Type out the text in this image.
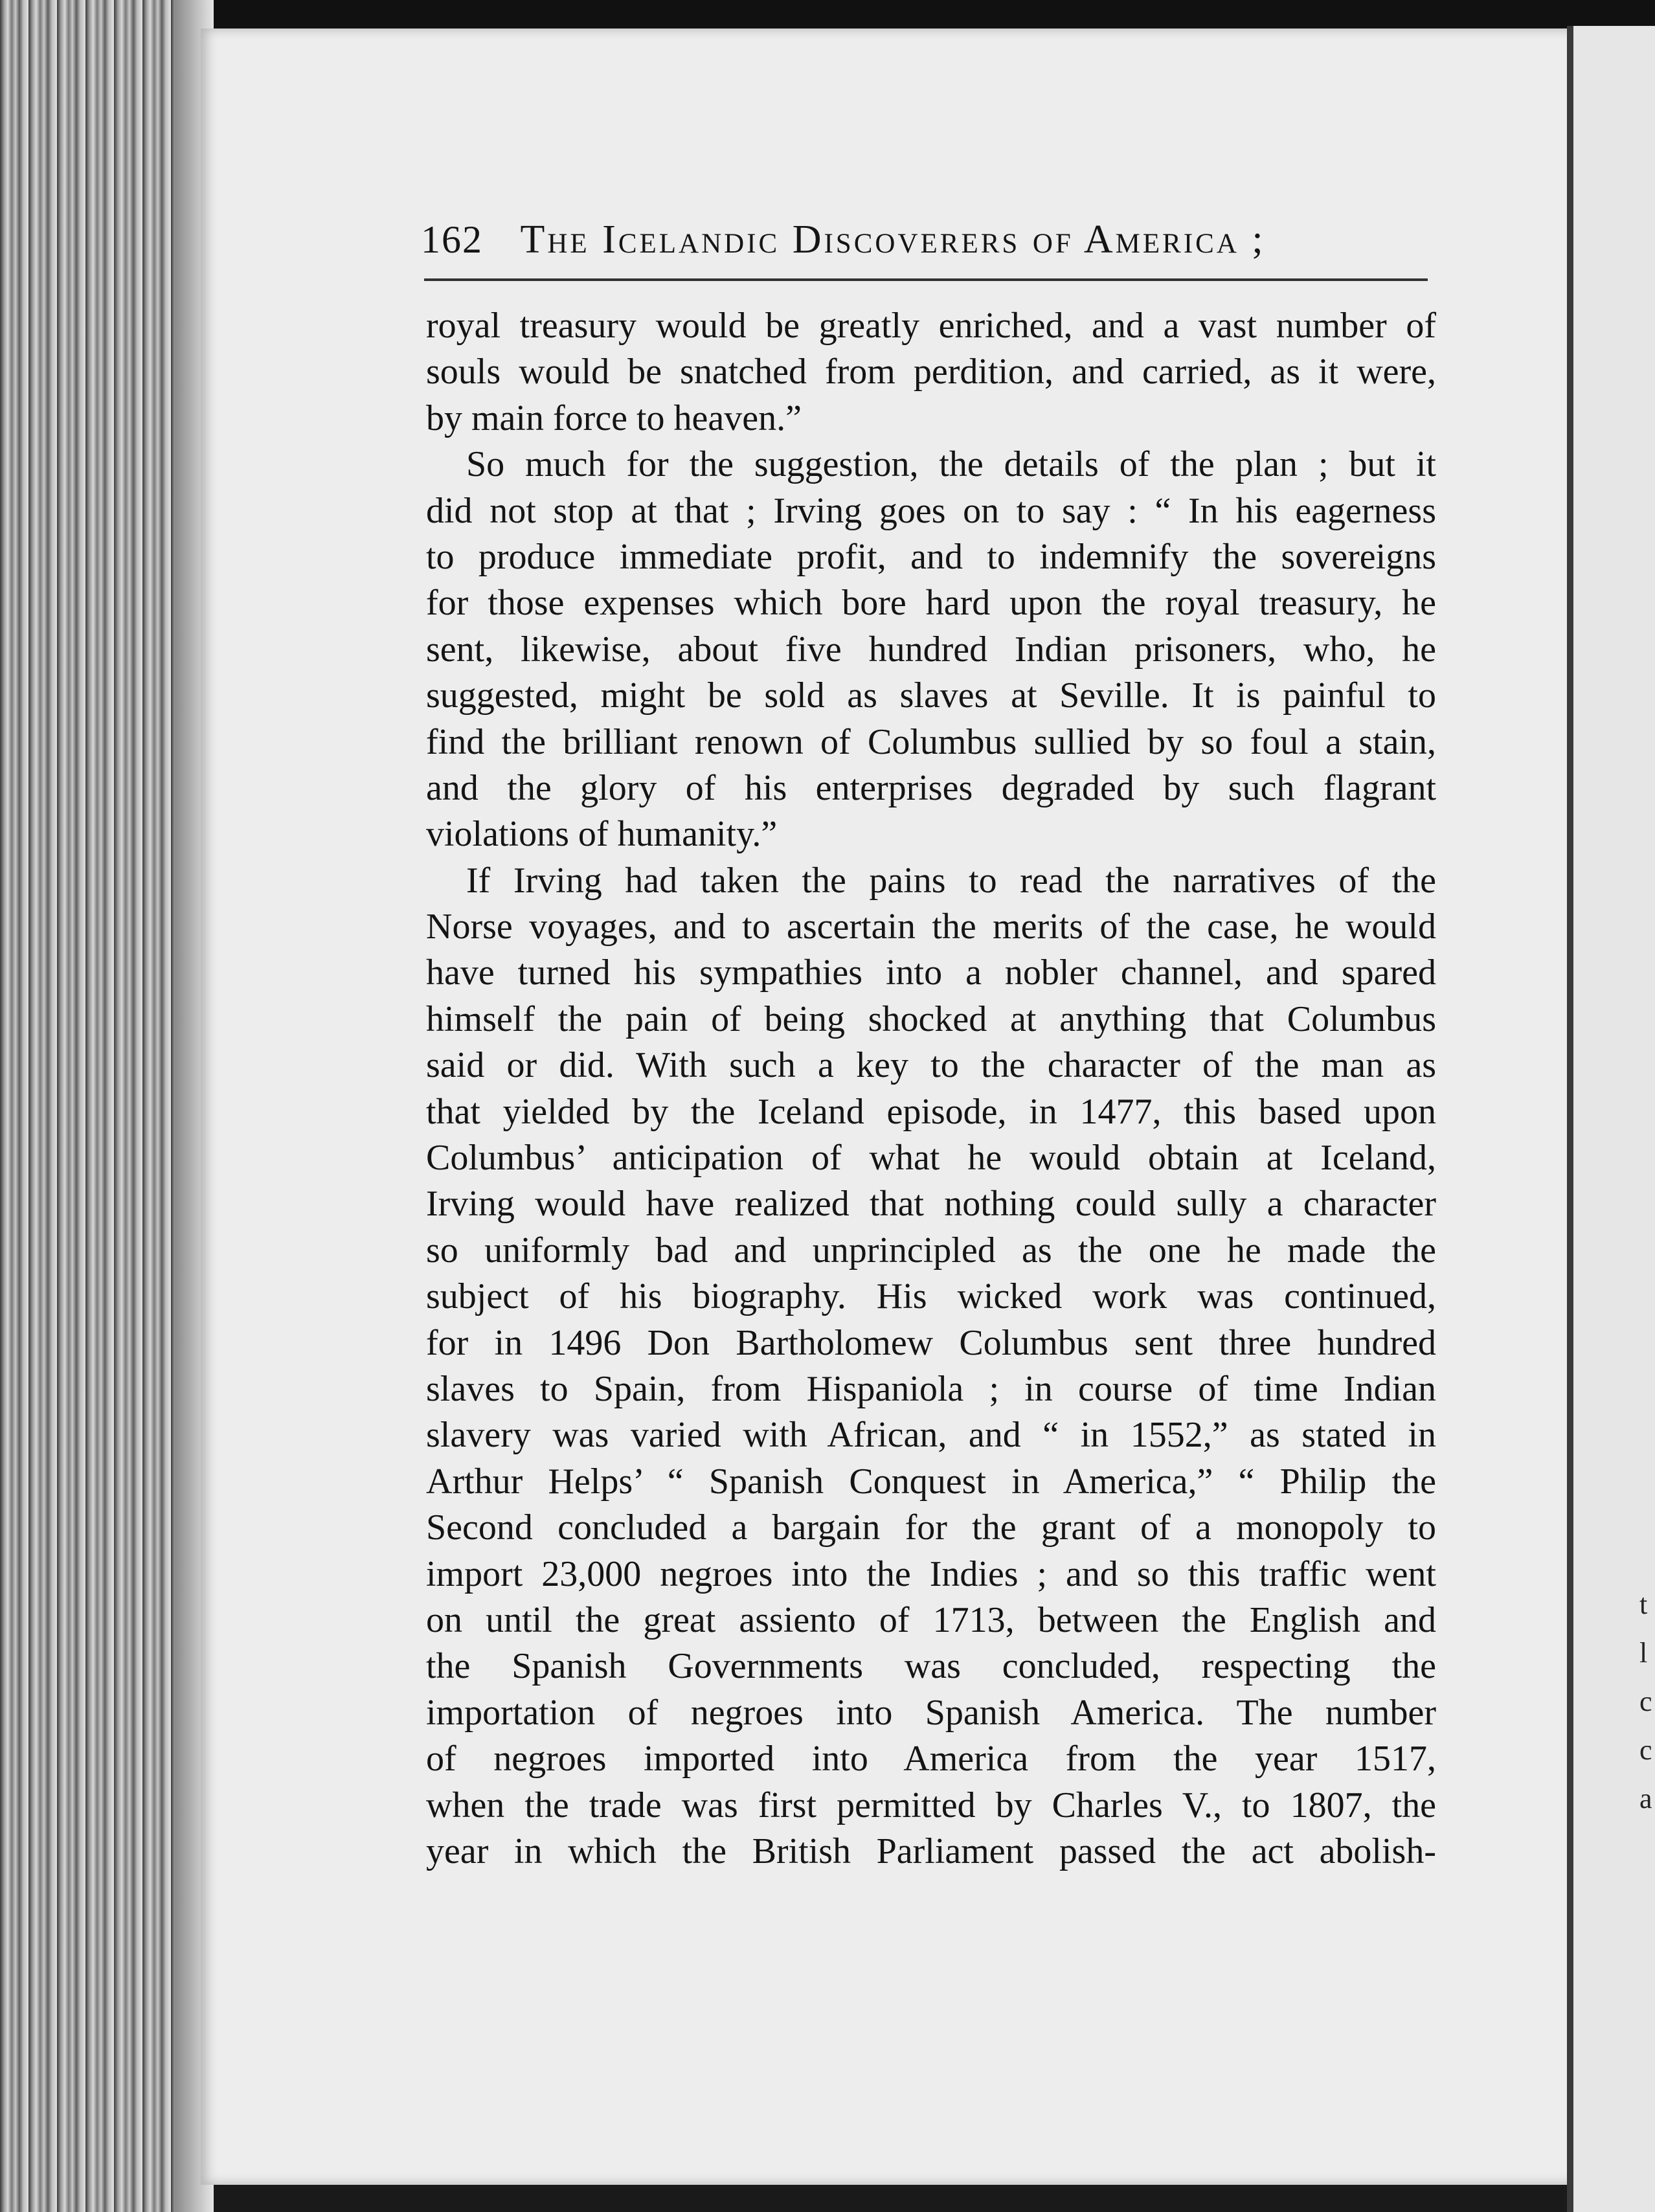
t
l
c
c
a
162 The Icelandic Discoverers of America ;
royal treasury would be greatly enriched, and a vast number of
souls would be snatched from perdition, and carried, as it were,
by main force to heaven.”
So much for the suggestion, the details of the plan ; but it
did not stop at that ; Irving goes on to say : “ In his eagerness
to produce immediate profit, and to indemnify the sovereigns
for those expenses which bore hard upon the royal treasury, he
sent, likewise, about five hundred Indian prisoners, who, he
suggested, might be sold as slaves at Seville. It is painful to
find the brilliant renown of Columbus sullied by so foul a stain,
and the glory of his enterprises degraded by such flagrant
violations of humanity.”
If Irving had taken the pains to read the narratives of the
Norse voyages, and to ascertain the merits of the case, he would
have turned his sympathies into a nobler channel, and spared
himself the pain of being shocked at anything that Columbus
said or did. With such a key to the character of the man as
that yielded by the Iceland episode, in 1477, this based upon
Columbus’ anticipation of what he would obtain at Iceland,
Irving would have realized that nothing could sully a character
so uniformly bad and unprincipled as the one he made the
subject of his biography. His wicked work was continued,
for in 1496 Don Bartholomew Columbus sent three hundred
slaves to Spain, from Hispaniola ; in course of time Indian
slavery was varied with African, and “ in 1552,” as stated in
Arthur Helps’ “ Spanish Conquest in America,” “ Philip the
Second concluded a bargain for the grant of a monopoly to
import 23,000 negroes into the Indies ; and so this traffic went
on until the great assiento of 1713, between the English and
the Spanish Governments was concluded, respecting the
importation of negroes into Spanish America. The number
of negroes imported into America from the year 1517,
when the trade was first permitted by Charles V., to 1807, the
year in which the British Parliament passed the act abolish-
